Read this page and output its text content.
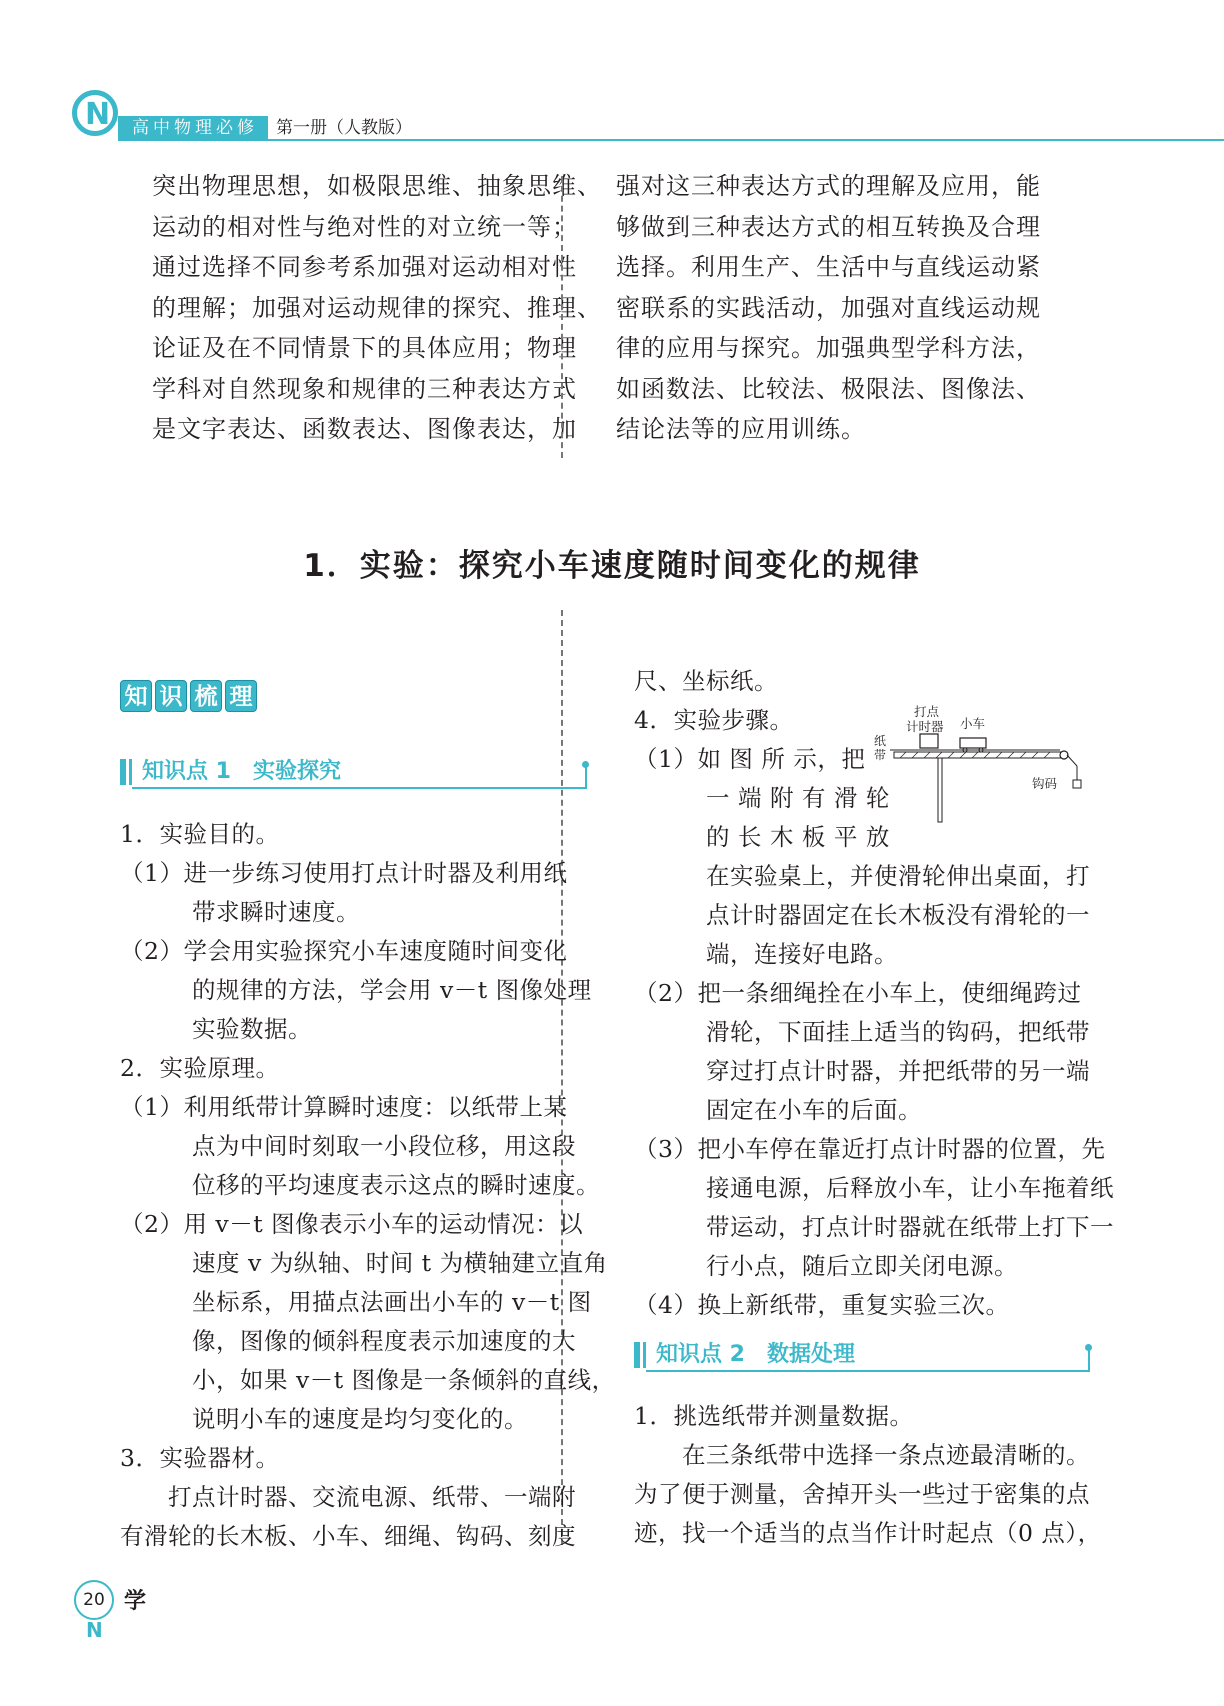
高中物理必修	第一册（人教版）
N
突出物理思想，如极限思维、抽象思维、
运动的相对性与绝对性的对立统一等；
通过选择不同参考系加强对运动相对性
的理解；加强对运动规律的探究、推理、
论证及在不同情景下的具体应用；物理
学科对自然现象和规律的三种表达方式
是文字表达、函数表达、图像表达，加
强对这三种表达方式的理解及应用，能
够做到三种表达方式的相互转换及合理
选择。利用生产、生活中与直线运动紧
密联系的实践活动，加强对直线运动规
律的应用与探究。加强典型学科方法，
如函数法、比较法、极限法、图像法、
结论法等的应用训练。
1．实验：探究小车速度随时间变化的规律
知 识 梳 理
知识点 1　实验探究
1．实验目的。
（1）进一步练习使用打点计时器及利用纸
　　　带求瞬时速度。
（2）学会用实验探究小车速度随时间变化
　　　的规律的方法，学会用 v－t 图像处理
　　　实验数据。
2．实验原理。
（1）利用纸带计算瞬时速度：以纸带上某
　　　点为中间时刻取一小段位移，用这段
　　　位移的平均速度表示这点的瞬时速度。
（2）用 v－t 图像表示小车的运动情况：以
　　　速度 v 为纵轴、时间 t 为横轴建立直角
　　　坐标系，用描点法画出小车的 v－t 图
　　　像，图像的倾斜程度表示加速度的大
　　　小，如果 v－t 图像是一条倾斜的直线，
　　　说明小车的速度是均匀变化的。
3．实验器材。
　　打点计时器、交流电源、纸带、一端附
有滑轮的长木板、小车、细绳、钩码、刻度
尺、坐标纸。
4．实验步骤。
（1）如 图 所 示，把
　　　一 端 附 有 滑 轮
　　　的 长 木 板 平 放
打点
计时器 小车
纸
带
钩码
　　　在实验桌上，并使滑轮伸出桌面，打
　　　点计时器固定在长木板没有滑轮的一
　　　端，连接好电路。
（2）把一条细绳拴在小车上，使细绳跨过
　　　滑轮，下面挂上适当的钩码，把纸带
　　　穿过打点计时器，并把纸带的另一端
　　　固定在小车的后面。
（3）把小车停在靠近打点计时器的位置，先
　　　接通电源，后释放小车，让小车拖着纸
　　　带运动，打点计时器就在纸带上打下一
　　　行小点，随后立即关闭电源。
（4）换上新纸带，重复实验三次。
知识点 2　数据处理
1．挑选纸带并测量数据。
　　在三条纸带中选择一条点迹最清晰的。
为了便于测量，舍掉开头一些过于密集的点
迹，找一个适当的点当作计时起点（0 点），
20
N
学
